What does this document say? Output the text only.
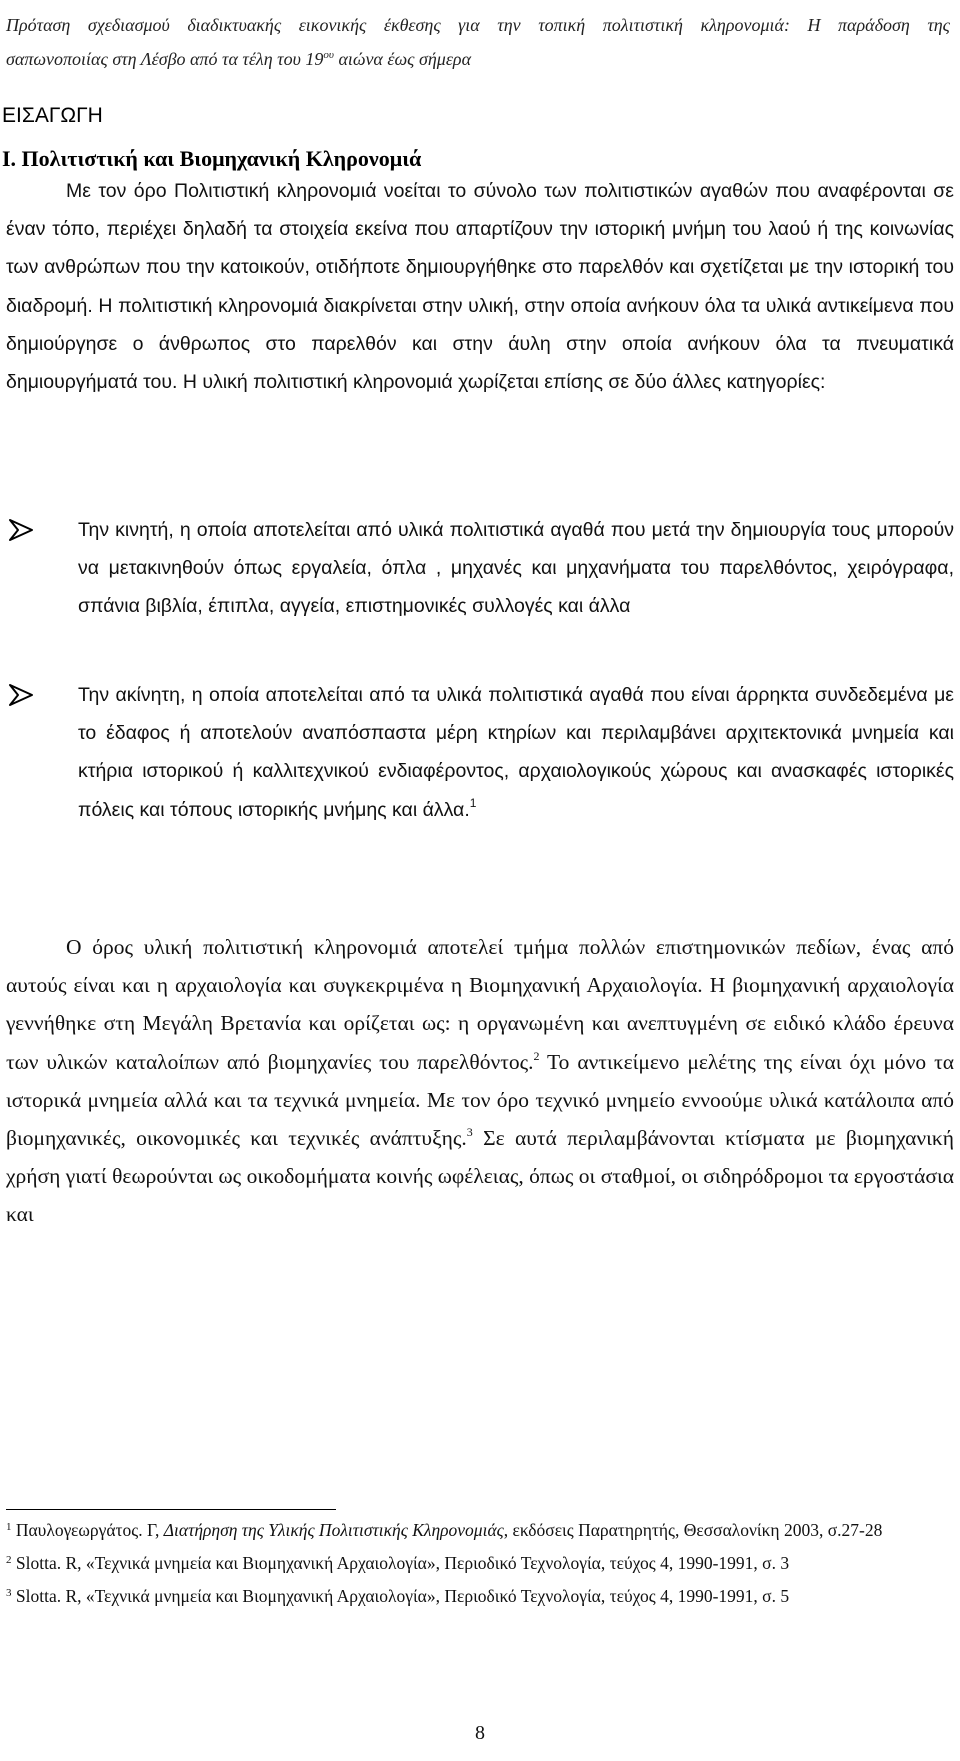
Πρόταση σχεδιασμού διαδικτυακής εικονικής έκθεσης για την τοπική πολιτιστική κληρονομιά: Η παράδοση της
σαπωνοποιίας στη Λέσβο από τα τέλη του $19^{o\upsilon}$ αιώνα έως σήμερα
ΕΙΣΑΓΩΓΗ
Ι. Πολιτιστική και Βιομηχανική Κληρονομιά
Με τον όρο Πολιτιστική κληρονομιά νοείται το σύνολο των πολιτιστικών αγαθών που αναφέρονται σε έναν τόπο, περιέχει δηλαδή τα στοιχεία εκείνα που απαρτίζουν την ιστορική μνήμη του λαού ή της κοινωνίας των ανθρώπων που την κατοικούν, οτιδήποτε δημιουργήθηκε στο παρελθόν και σχετίζεται με την ιστορική του διαδρομή. Η πολιτιστική κληρονομιά διακρίνεται στην υλική, στην οποία ανήκουν όλα τα υλικά αντικείμενα που δημιούργησε ο άνθρωπος στο παρελθόν και στην άυλη στην οποία ανήκουν όλα τα πνευματικά δημιουργήματά του. Η υλική πολιτιστική κληρονομιά χωρίζεται επίσης σε δύο άλλες κατηγορίες:
Την κινητή, η οποία αποτελείται από υλικά πολιτιστικά αγαθά που μετά την δημιουργία τους μπορούν να μετακινηθούν όπως εργαλεία, όπλα , μηχανές και μηχανήματα του παρελθόντος, χειρόγραφα, σπάνια βιβλία, έπιπλα, αγγεία, επιστημονικές συλλογές και άλλα
Την ακίνητη, η οποία αποτελείται από τα υλικά πολιτιστικά αγαθά που είναι άρρηκτα συνδεδεμένα με το έδαφος ή αποτελούν αναπόσπαστα μέρη κτηρίων και περιλαμβάνει αρχιτεκτονικά μνημεία και κτήρια ιστορικού ή καλλιτεχνικού ενδιαφέροντος, αρχαιολογικούς χώρους και ανασκαφές ιστορικές πόλεις και τόπους ιστορικής μνήμης και άλλα.$^1$
Ο όρος υλική πολιτιστική κληρονομιά αποτελεί τμήμα πολλών επιστημονικών πεδίων, ένας από αυτούς είναι και η αρχαιολογία και συγκεκριμένα η Βιομηχανική Αρχαιολογία. Η βιομηχανική αρχαιολογία γεννήθηκε στη Μεγάλη Βρετανία και ορίζεται ως: η οργανωμένη και ανεπτυγμένη σε ειδικό κλάδο έρευνα των υλικών καταλοίπων από βιομηχανίες του παρελθόντος.$^2$ Το αντικείμενο μελέτης της είναι όχι μόνο τα ιστορικά μνημεία αλλά και τα τεχνικά μνημεία. Με τον όρο τεχνικό μνημείο εννοούμε υλικά κατάλοιπα από βιομηχανικές, οικονομικές και τεχνικές ανάπτυξης.$^3$ Σε αυτά περιλαμβάνονται κτίσματα με βιομηχανική χρήση γιατί θεωρούνται ως οικοδομήματα κοινής ωφέλειας, όπως οι σταθμοί, οι σιδηρόδρομοι τα εργοστάσια και
$^1$ Παυλογεωργάτος. Γ, Διατήρηση της Υλικής Πολιτιστικής Κληρονομιάς, εκδόσεις Παρατηρητής, Θεσσαλονίκη 2003, σ.27-28
$^2$ Slotta. R, «Τεχνικά μνημεία και Βιομηχανική Αρχαιολογία», Περιοδικό Τεχνολογία, τεύχος 4, 1990-1991, σ. 3
$^3$ Slotta. R, «Τεχνικά μνημεία και Βιομηχανική Αρχαιολογία», Περιοδικό Τεχνολογία, τεύχος 4, 1990-1991, σ. 5
8
